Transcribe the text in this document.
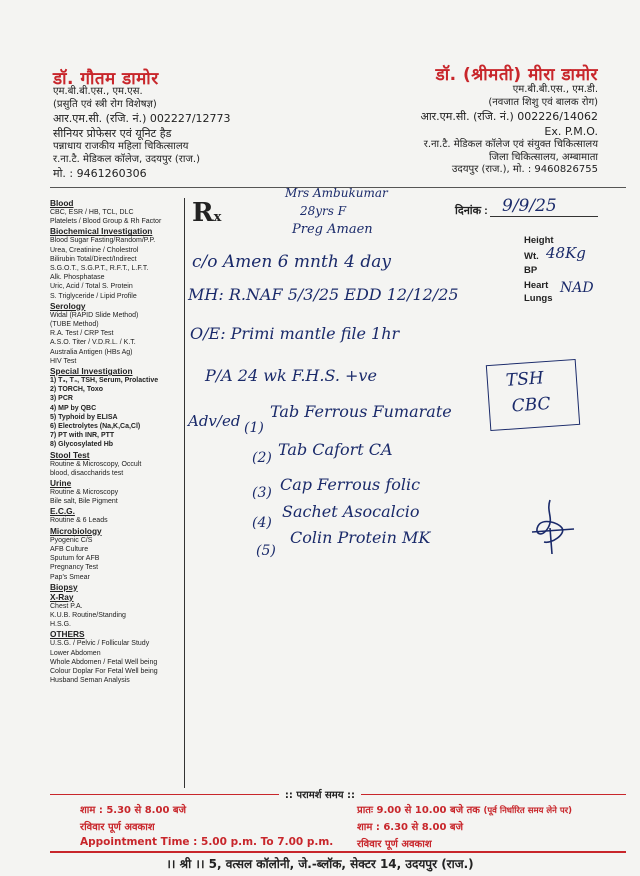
डॉ. गौतम डामोर
एम.बी.बी.एस., एम.एस.
(प्रसुति एवं स्त्री रोग विशेषज्ञ)
आर.एम.सी. (रजि. नं.) 002227/12773
सीनियर प्रोफेसर एवं यूनिट हैड
पन्नाधाय राजकीय महिला चिकित्सालय
र.ना.टै. मेडिकल कॉलेज, उदयपुर (राज.)
मो. : 9461260306
डॉ. (श्रीमती) मीरा डामोर
एम.बी.बी.एस., एम.डी.
(नवजात शिशु एवं बालक रोग)
आर.एम.सी. (रजि. नं.) 002226/14062
Ex. P.M.O.
र.ना.टै. मेडिकल कॉलेज एवं संयुक्त चिकित्सालय
जिला चिकित्सालय, अम्बामाता
उदयपुर (राज.), मो. : 9460826755
Blood
CBC, ESR / HB, TCL, DLC
Platelets / Blood Group & Rh Factor
Biochemical Investigation
Blood Sugar Fasting/Random/P.P.
Urea, Creatinine / Cholestrol
Bilirubin Total/Direct/Indirect
S.G.O.T., S.G.P.T., R.F.T., L.F.T.
Alk. Phosphatase
Uric, Acid / Total S. Protein
S. Triglyceride / Lipid Profile
Serology
Widal (RAPID Slide Method)
(TUBE Method)
R.A. Test / CRP Test
A.S.O. Titer / V.D.R.L. / K.T.
Australia Antigen (HBs Ag)
HIV Test
Special Investigation
1) T₃, T₄, TSH, Serum, Prolactive
2) TORCH, Toxo
3) PCR
4) MP by QBC
5) Typhoid by ELISA
6) Electrolytes (Na,K,Ca,Cl)
7) PT with INR, PTT
8) Glycosylated Hb
Stool Test
Routine & Microscopy, Occult
blood, disaccharids test
Urine
Routine & Microscopy
Bile salt, Bile Pigment
E.C.G.
Routine & 6 Leads
Microbiology
Pyogenic C/S
AFB Culture
Sputum for AFB
Pregnancy Test
Pap's Smear
Biopsy
X-Ray
Chest P.A.
K.U.B. Routine/Standing
H.S.G.
OTHERS
U.S.G. / Pelvic / Follicular Study
Lower Abdomen
Whole Abdomen / Fetal Well being
Colour Doplar For Fetal Well being
Husband Seman Analysis
Rx	दिनांक : 9/9/25
Height
Wt. 48Kg
BP
Heart
Lungs
NAD
Mrs Ambukumar
28yrs F
Preg Amaen
c/o Amen 6 mnth 4 day
MH: R.NAF 5/3/25 EDD 12/12/25
O/E: Primi mantle file 1hr
P/A 24 wk F.H.S. +ve
Adv/ed (1)
Tab Ferrous Fumarate
(2) Tab Cafort CA
(3) Cap Ferrous folic
(4)
Sachet Asocalcio
(5)
Colin Protein MK
TSH
CBC
:: परामर्श समय ::
शाम : 5.30 से 8.00 बजे
रविवार पूर्ण अवकाश
Appointment Time : 5.00 p.m. To 7.00 p.m.
प्रातः 9.00 से 10.00 बजे तक (पूर्व निर्धारित समय लेने पर)
शाम : 6.30 से 8.00 बजे
रविवार पूर्ण अवकाश
।। श्री ।। 5, वत्सल कॉलोनी, जे.-ब्लॉक, सेक्टर 14, उदयपुर (राज.)
